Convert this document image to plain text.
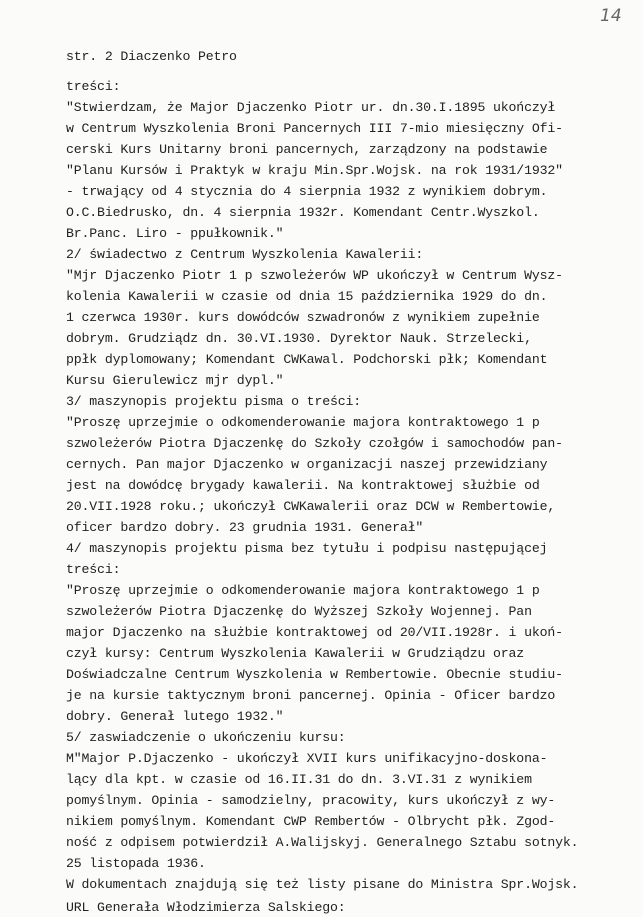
14
str. 2 Diaczenko Petro
treści:
"Stwierdzam, że Major Djaczenko Piotr ur. dn.30.I.1895 ukończył
w Centrum Wyszkolenia Broni Pancernych III 7-mio miesięczny Ofi-
cerski Kurs Unitarny broni pancernych, zarządzony na podstawie
"Planu Kursów i Praktyk w kraju Min.Spr.Wojsk. na rok 1931/1932"
- trwający od 4 stycznia do 4 sierpnia 1932 z wynikiem dobrym.
O.C.Biedrusko, dn. 4 sierpnia 1932r. Komendant Centr.Wyszkol.
Br.Panc. Liro - ppułkownik."
2/ świadectwo z Centrum Wyszkolenia Kawalerii:
"Mjr Djaczenko Piotr 1 p szwoleżerów WP ukończył w Centrum Wysz-
kolenia Kawalerii w czasie od dnia 15 października 1929 do dn.
1 czerwca 1930r. kurs dowódców szwadronów z wynikiem zupełnie
dobrym. Grudziądz dn. 30.VI.1930. Dyrektor Nauk. Strzelecki,
ppłk dyplomowany; Komendant CWKawal. Podchorski płk; Komendant
Kursu Gierulewicz mjr dypl."
3/ maszynopis projektu pisma o treści:
"Proszę uprzejmie o odkomenderowanie majora kontraktowego 1 p
szwoleżerów Piotra Djaczenkę do Szkoły czołgów i samochodów pan-
cernych. Pan major Djaczenko w organizacji naszej przewidziany
jest na dowódcę brygady kawalerii. Na kontraktowej służbie od
20.VII.1928 roku.; ukończył CWKawalerii oraz DCW w Rembertowie,
oficer bardzo dobry. 23 grudnia 1931. Generał"
4/ maszynopis projektu pisma bez tytułu i podpisu następującej
treści:
"Proszę uprzejmie o odkomenderowanie majora kontraktowego 1 p
szwoleżerów Piotra Djaczenkę do Wyższej Szkoły Wojennej. Pan
major Djaczenko na służbie kontraktowej od 20/VII.1928r. i ukoń-
czył kursy: Centrum Wyszkolenia Kawalerii w Grudziądzu oraz
Doświadczalne Centrum Wyszkolenia w Rembertowie. Obecnie studiu-
je na kursie taktycznym broni pancernej. Opinia - Oficer bardzo
dobry. Generał lutego 1932."
5/ zaswiadczenie o ukończeniu kursu:
M"Major P.Djaczenko - ukończył XVII kurs unifikacyjno-doskona-
lący dla kpt. w czasie od 16.II.31 do dn. 3.VI.31 z wynikiem
pomyślnym. Opinia - samodzielny, pracowity, kurs ukończył z wy-
nikiem pomyślnym. Komendant CWP Rembertów - Olbrycht płk. Zgod-
ność z odpisem potwierdził A.Walijskyj. Generalnego Sztabu sotnyk.
25 listopada 1936.
W dokumentach znajdują się też listy pisane do Ministra Spr.Wojsk.
URL Generała Włodzimierza Salskiego:
